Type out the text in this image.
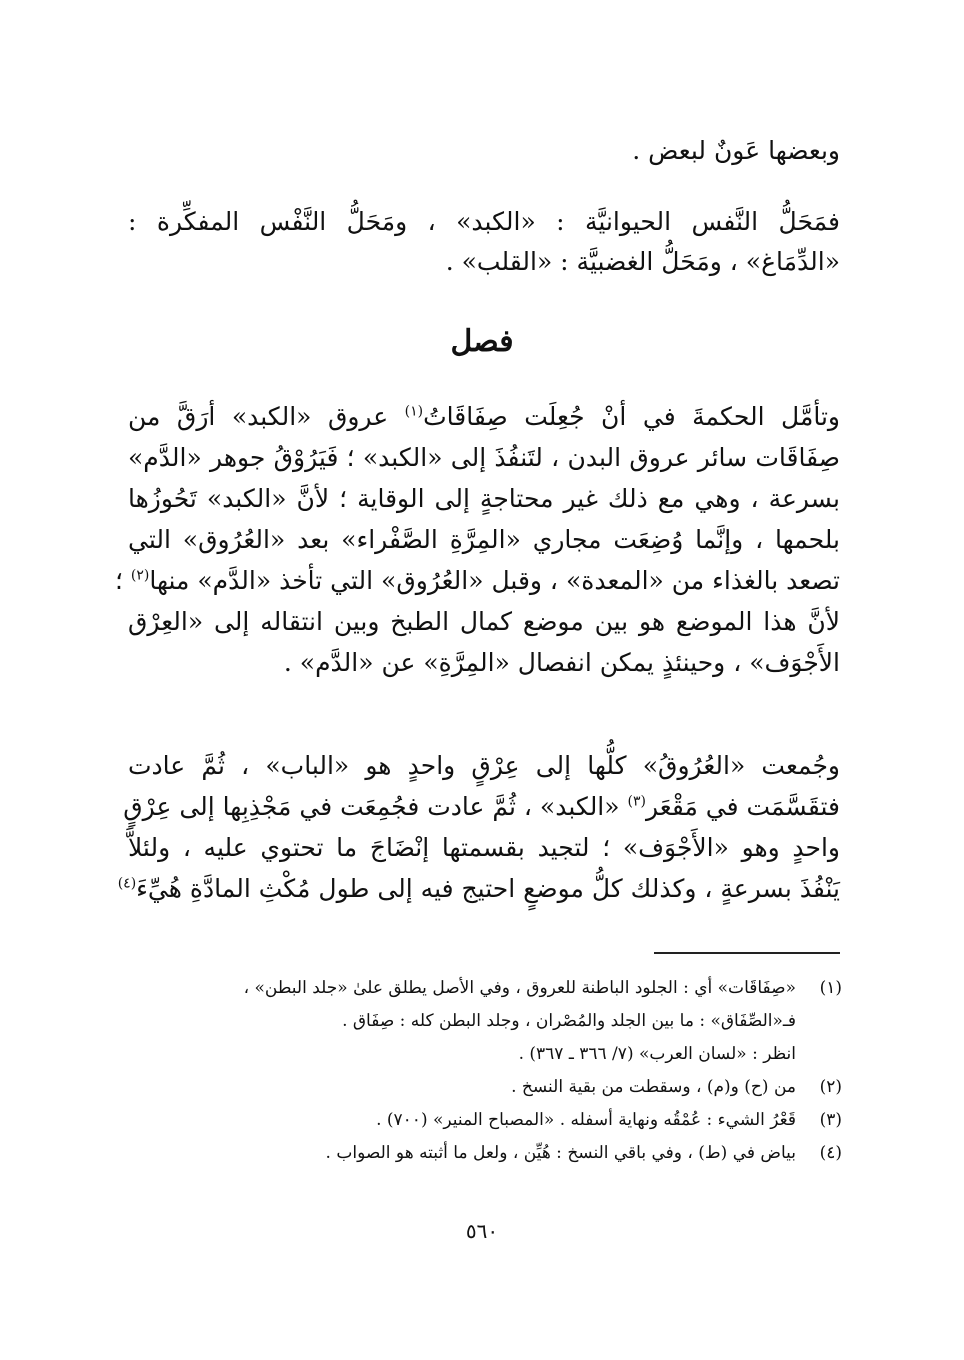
وبعضها عَونٌ لبعض .

فمَحَلُّ النَّفس الحيوانيَّة : «الكبد» ، ومَحَلُّ النَّفْس المفكِّرة :
«الدِّمَاغ» ، ومَحَلُّ الغضبيَّة : «القلب» .

فصل

وتأمَّل الحكمةَ في أنْ جُعِلَت صِفَاقَاتُ$^{(١)}$ عروق «الكبد» أرَقَّ من
صِفَاقَات سائر عروق البدن ، لتَنفُذَ إلى «الكبد» ؛ فَيَرُوْقُ جوهر «الدَّم»
بسرعة ، وهي مع ذلك غير محتاجةٍ إلى الوقاية ؛ لأنَّ «الكبد» تَحُوزُها
بلحمها ، وإنَّما وُضِعَت مجاري «المِرَّةِ الصَّفْراء» بعد «العُرُوق» التي
تصعد بالغذاء من «المعدة» ، وقبل «العُرُوق» التي تأخذ «الدَّم» منها$^{(٢)}$ ؛
لأنَّ هذا الموضع هو بين موضع كمال الطبخ وبين انتقاله إلى «العِرْق
الأَجْوَف» ، وحينئذٍ يمكن انفصال «المِرَّةِ» عن «الدَّم» .

وجُمعت «العُرُوقُ» كلُّها إلى عِرْقٍ واحدٍ هو «الباب» ، ثُمَّ عادت
فتقَسَّمَت في مَقْعَر$^{(٣)}$ «الكبد» ، ثُمَّ عادت فجُمِعَت في مَجْذِبِها إلى عِرْقٍ
واحدٍ وهو «الأَجْوَف» ؛ لتجيد بقسمتها إنْضَاجَ ما تحتوي عليه ، ولئلاَّ
يَنْفُذَ بسرعةٍ ، وكذلك كلُّ موضعٍ احتيج فيه إلى طول مُكْثِ المادَّةِ هُيِّءَ$^{(٤)}$

(١)«صِفَاقَات» أي : الجلود الباطنة للعروق ، وفي الأصل يطلق علىٰ «جلد البطن» ،
فـ«الصِّفَاق» : ما بين الجلد والمُصْران ، وجلد البطن كله : صِفَاق .
انظر : «لسان العرب» (٧/ ٣٦٦ ـ ٣٦٧) .
(٢)من (ح) و(م) ، وسقطت من بقية النسخ .
(٣)قَعْرُ الشيء : عُمْقُه ونهاية أسفله . «المصباح المنير» (٧٠٠) .
(٤)بياض في (ط) ، وفي باقي النسخ : هُيِّن ، ولعل ما أثبته هو الصواب .
٥٦٠
